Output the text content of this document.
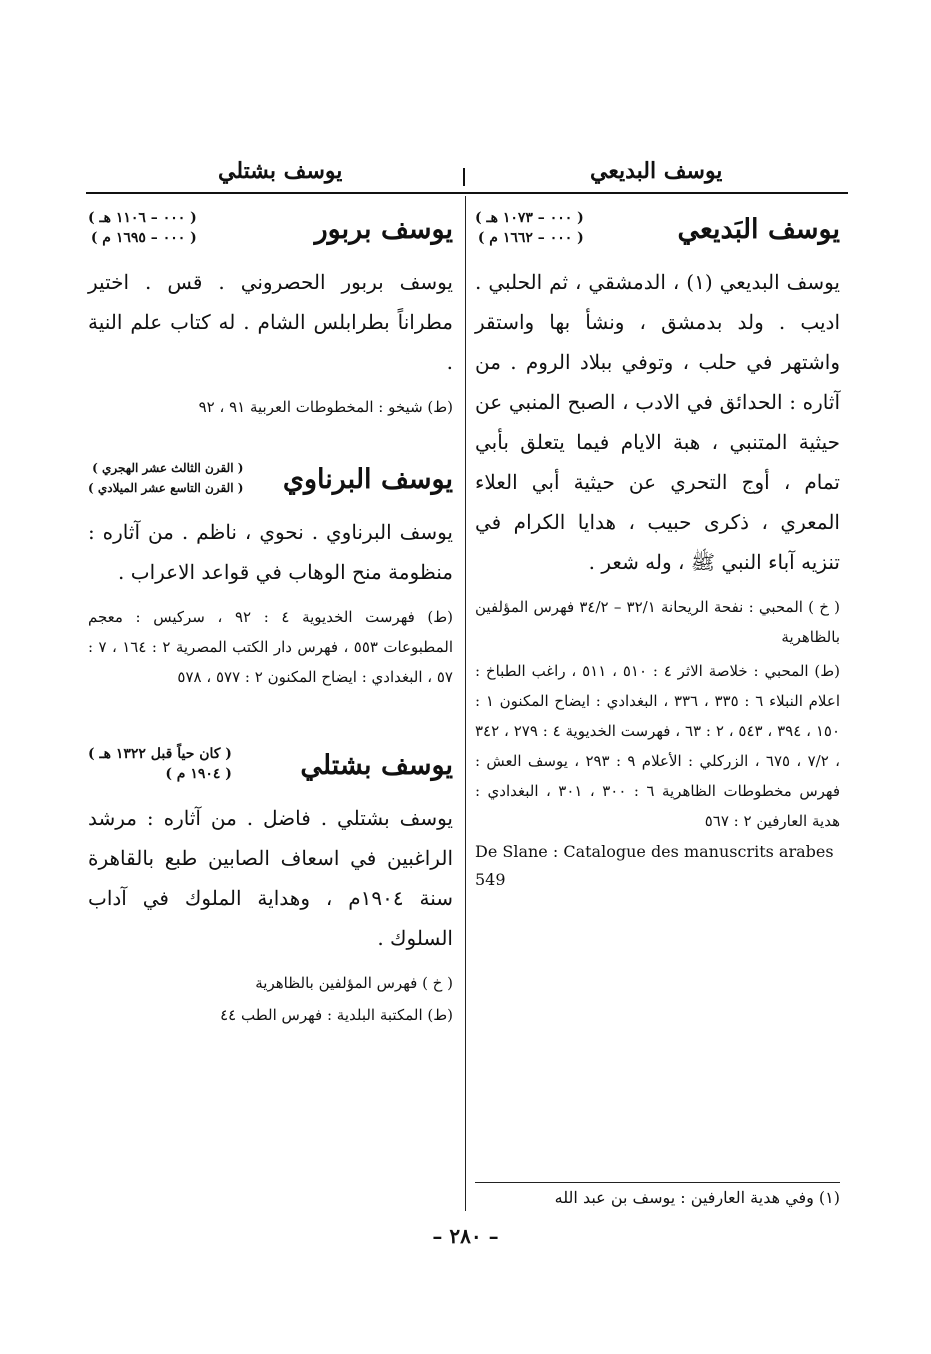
يوسف البديعي
يوسف بشتلي
يوسف البَديعي
( ٠٠٠ – ١٠٧٣ هـ )
( ٠٠٠ – ١٦٦٢ م )

يوسف البديعي (١) ، الدمشقي ، ثم الحلبي . اديب . ولد بدمشق ، ونشأ بها واستقر واشتهر في حلب ، وتوفي ببلاد الروم . من آثاره : الحدائق في الادب ، الصبح المنبي عن حيثية المتنبي ، هبة الايام فيما يتعلق بأبي تمام ، أوج التحري عن حيثية أبي العلاء المعري ، ذكرى حبيب ، هدايا الكرام في تنزيه آباء النبي ﷺ ، وله شعر .

( خ ) المحبي : نفحة الريحانة ٣٢/١ – ٣٤/٢ فهرس المؤلفين بالظاهرية

(ط) المحبي : خلاصة الاثر ٤ : ٥١٠ ، ٥١١ ، راغب الطباخ : اعلام النبلاء ٦ : ٣٣٥ ، ٣٣٦ ، البغدادي : ايضاح المكنون ١ : ١٥٠ ، ٣٩٤ ، ٥٤٣ ، ٢ : ٦٣ ، فهرست الخديوية ٤ : ٢٧٩ ، ٣٤٢ ، ٧/٢ ، ٦٧٥ ، الزركلي : الأعلام ٩ : ٢٩٣ ، يوسف العش : فهرس مخطوطات الظاهرية ٦ : ٣٠٠ ، ٣٠١ ، البغدادي : هدية العارفين ٢ : ٥٦٧

De Slane : Catalogue des manuscrits arabes 549
(١) وفي هدية العارفين : يوسف بن عبد الله
يوسف بربور
( ٠٠٠ – ١١٠٦ هـ )
( ٠٠٠ – ١٦٩٥ م )

يوسف بربور الحصروني . قس . اختير مطراناً بطرابلس الشام . له كتاب علم النية .

(ط) شيخو : المخطوطات العربية ٩١ ، ٩٢

يوسف البرناوي
( القرن الثالث عشر الهجري )
( القرن التاسع عشر الميلادي )

يوسف البرناوي . نحوي ، ناظم . من آثاره : منظومة منح الوهاب في قواعد الاعراب .

(ط) فهرست الخديوية ٤ : ٩٢ ، سركيس : معجم المطبوعات ٥٥٣ ، فهرس دار الكتب المصرية ٢ : ١٦٤ ، ٧ : ٥٧ ، البغدادي : ايضاح المكنون ٢ : ٥٧٧ ، ٥٧٨

يوسف بشتلي
( كان حياً قبل ١٣٢٢ هـ )
( ١٩٠٤ م )

يوسف بشتلي . فاضل . من آثاره : مرشد الراغبين في اسعاف الصابين طبع بالقاهرة سنة ١٩٠٤م ، وهداية الملوك في آداب السلوك .

( خ ) فهرس المؤلفين بالظاهرية

(ط) المكتبة البلدية : فهرس الطب ٤٤

– ٢٨٠ –
